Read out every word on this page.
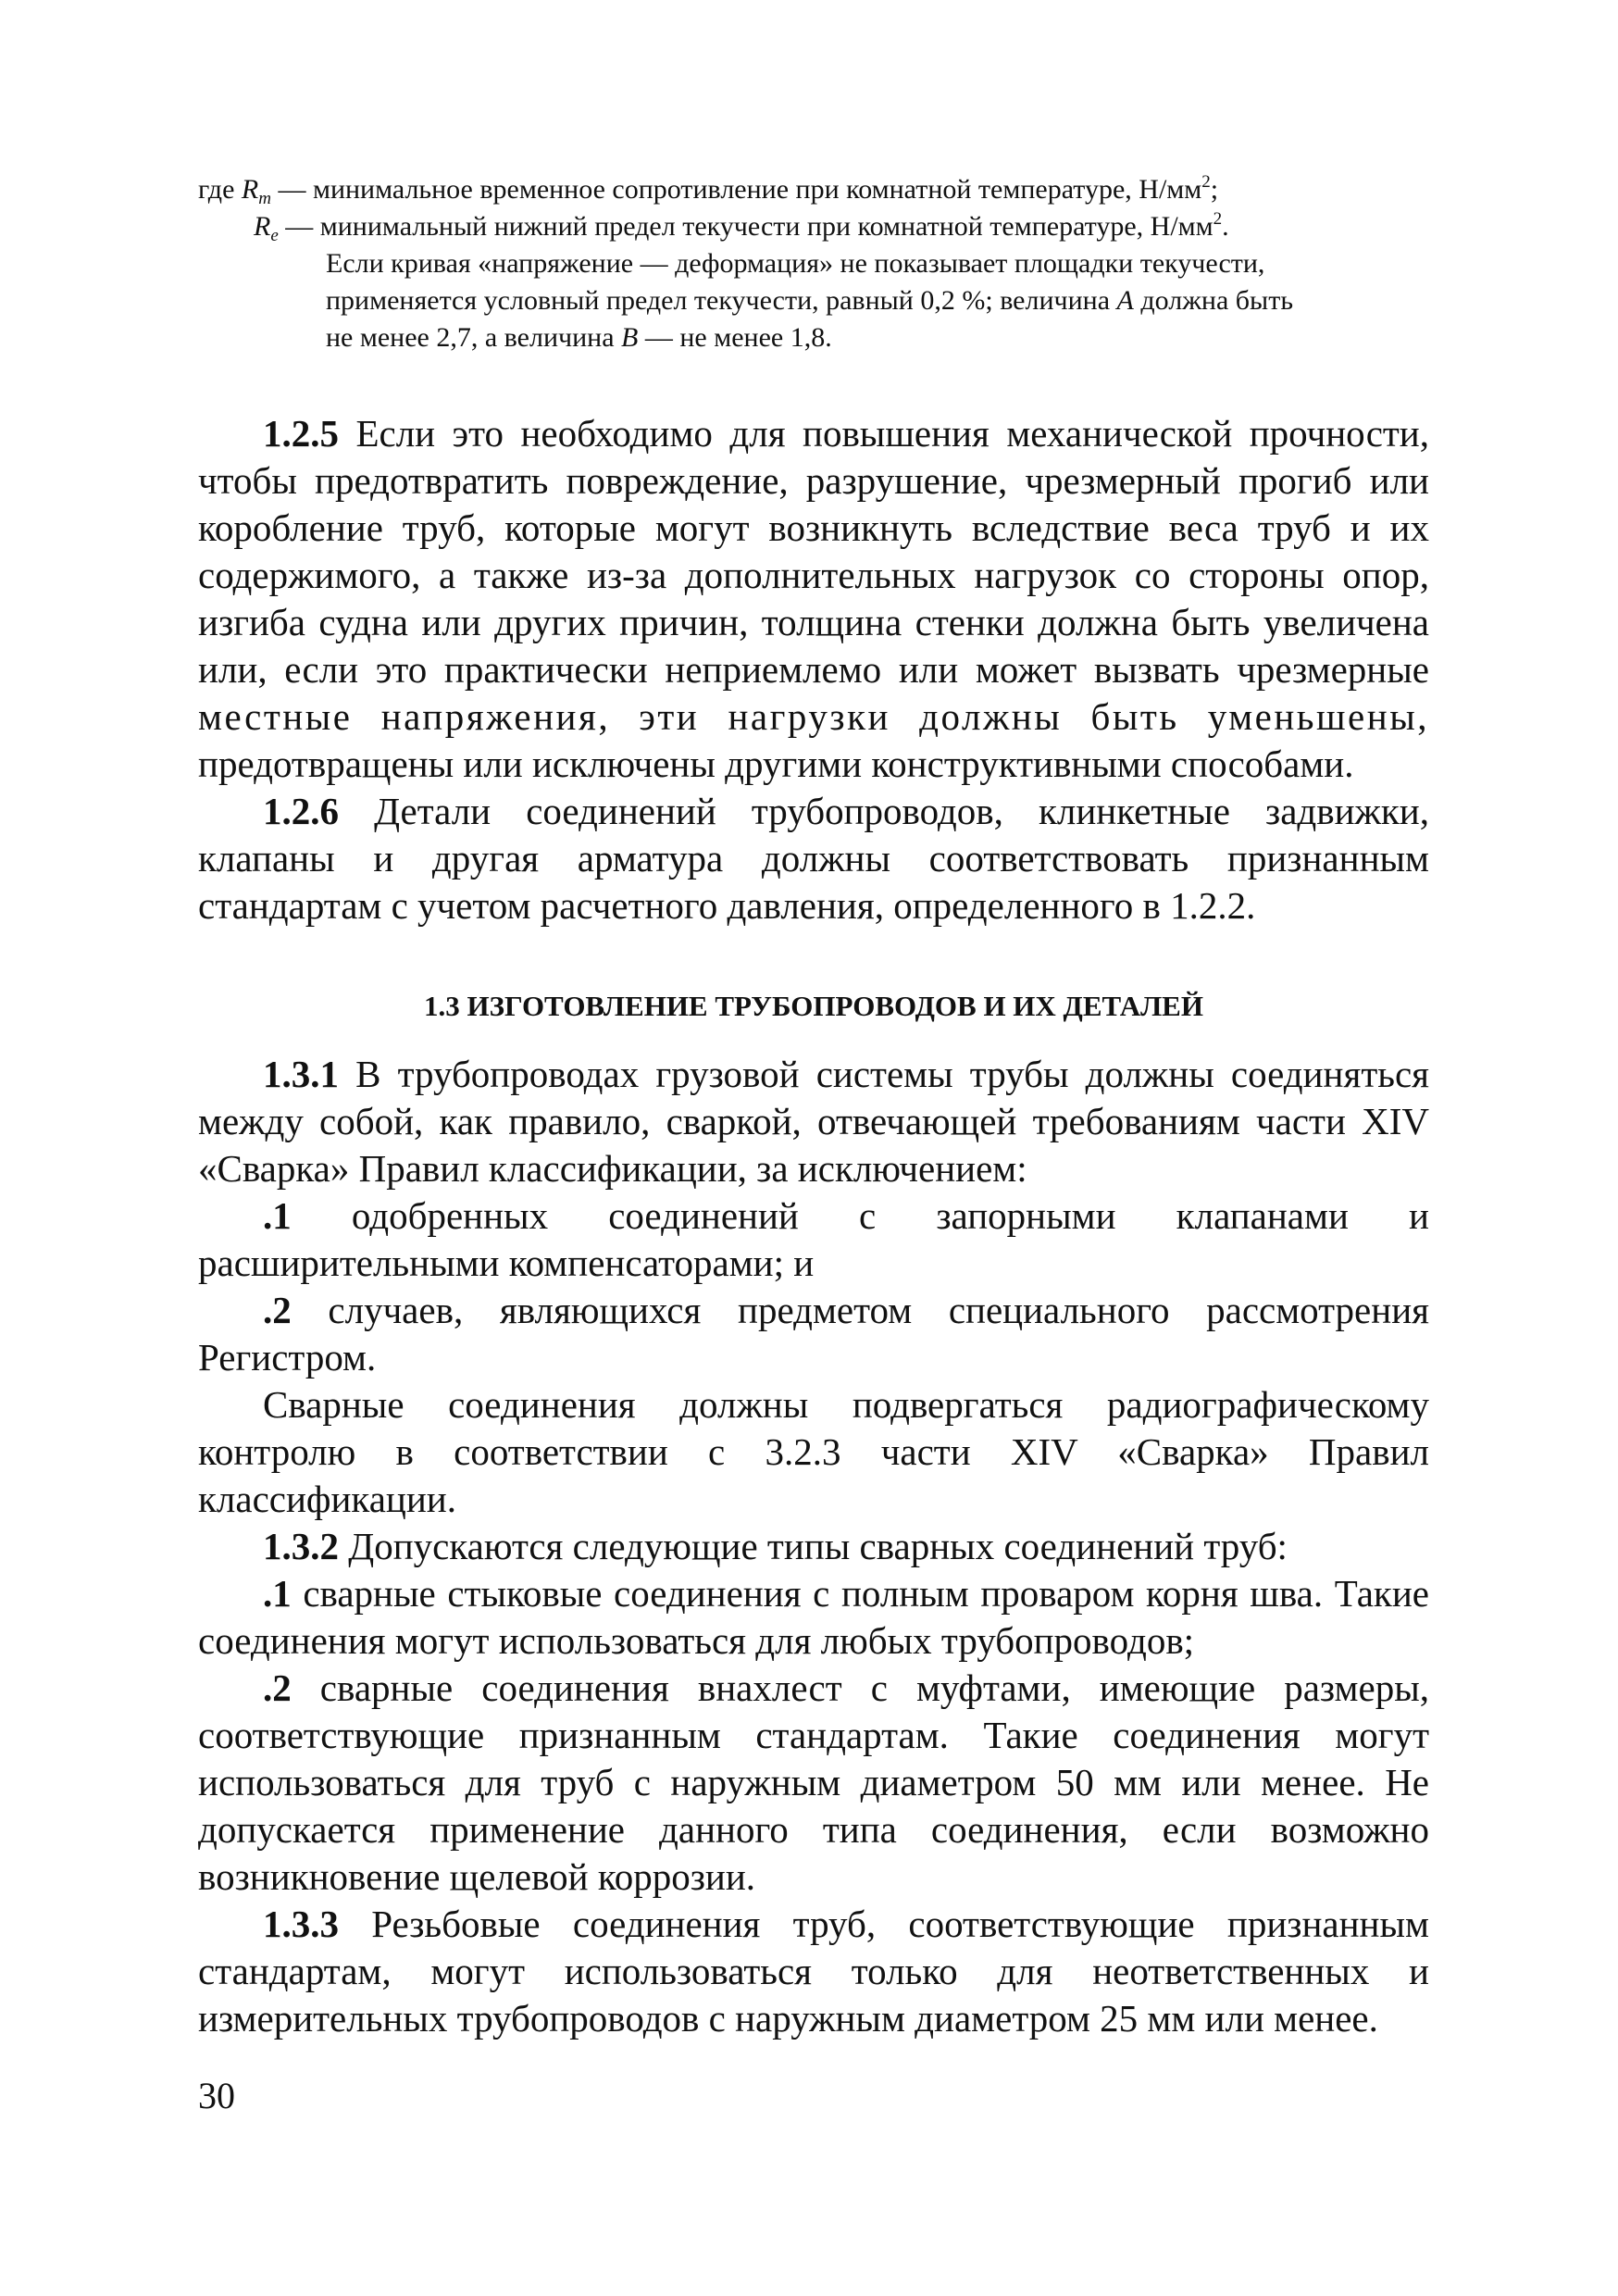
где $R_m$ — минимальное временное сопротивление при комнатной температуре, $Н/мм^2$;
$R_e$ — минимальный нижний предел текучести при комнатной температуре, $Н/мм^2$.
Если кривая «напряжение — деформация» не показывает площадки текучести,
применяется условный предел текучести, равный 0,2 %; величина A должна быть
не менее 2,7, а величина B — не менее 1,8.

1.2.5 Если это необходимо для повышения механической прочности, чтобы предотвратить повреждение, разрушение, чрезмерный прогиб или коробление труб, которые могут возникнуть вследствие веса труб и их содержимого, а также из-за дополнительных нагрузок со стороны опор, изгиба судна или других причин, толщина стенки должна быть увеличена или, если это практически неприемлемо или может вызвать чрезмерные местные напряжения, эти нагрузки должны быть уменьшены, предотвращены или исключены другими конструктивными способами.

1.2.6 Детали соединений трубопроводов, клинкетные задвижки, клапаны и другая арматура должны соответствовать признанным стандартам с учетом расчетного давления, определенного в 1.2.2.

1.3 ИЗГОТОВЛЕНИЕ ТРУБОПРОВОДОВ И ИХ ДЕТАЛЕЙ

1.3.1 В трубопроводах грузовой системы трубы должны соединяться между собой, как правило, сваркой, отвечающей требованиям части XIV «Сварка» Правил классификации, за исключением:

.1 одобренных соединений с запорными клапанами и расширительными компенсаторами; и

.2 случаев, являющихся предметом специального рассмотрения Регистром.

Сварные соединения должны подвергаться радиографическому контролю в соответствии с 3.2.3 части XIV «Сварка» Правил классификации.

1.3.2 Допускаются следующие типы сварных соединений труб:

.1 сварные стыковые соединения с полным проваром корня шва. Такие соединения могут использоваться для любых трубопроводов;

.2 сварные соединения внахлест с муфтами, имеющие размеры, соответствующие признанным стандартам. Такие соединения могут использоваться для труб с наружным диаметром 50 мм или менее. Не допускается применение данного типа соединения, если возможно возникновение щелевой коррозии.

1.3.3 Резьбовые соединения труб, соответствующие признанным стандартам, могут использоваться только для неответственных и измерительных трубопроводов с наружным диаметром 25 мм или менее.

30
